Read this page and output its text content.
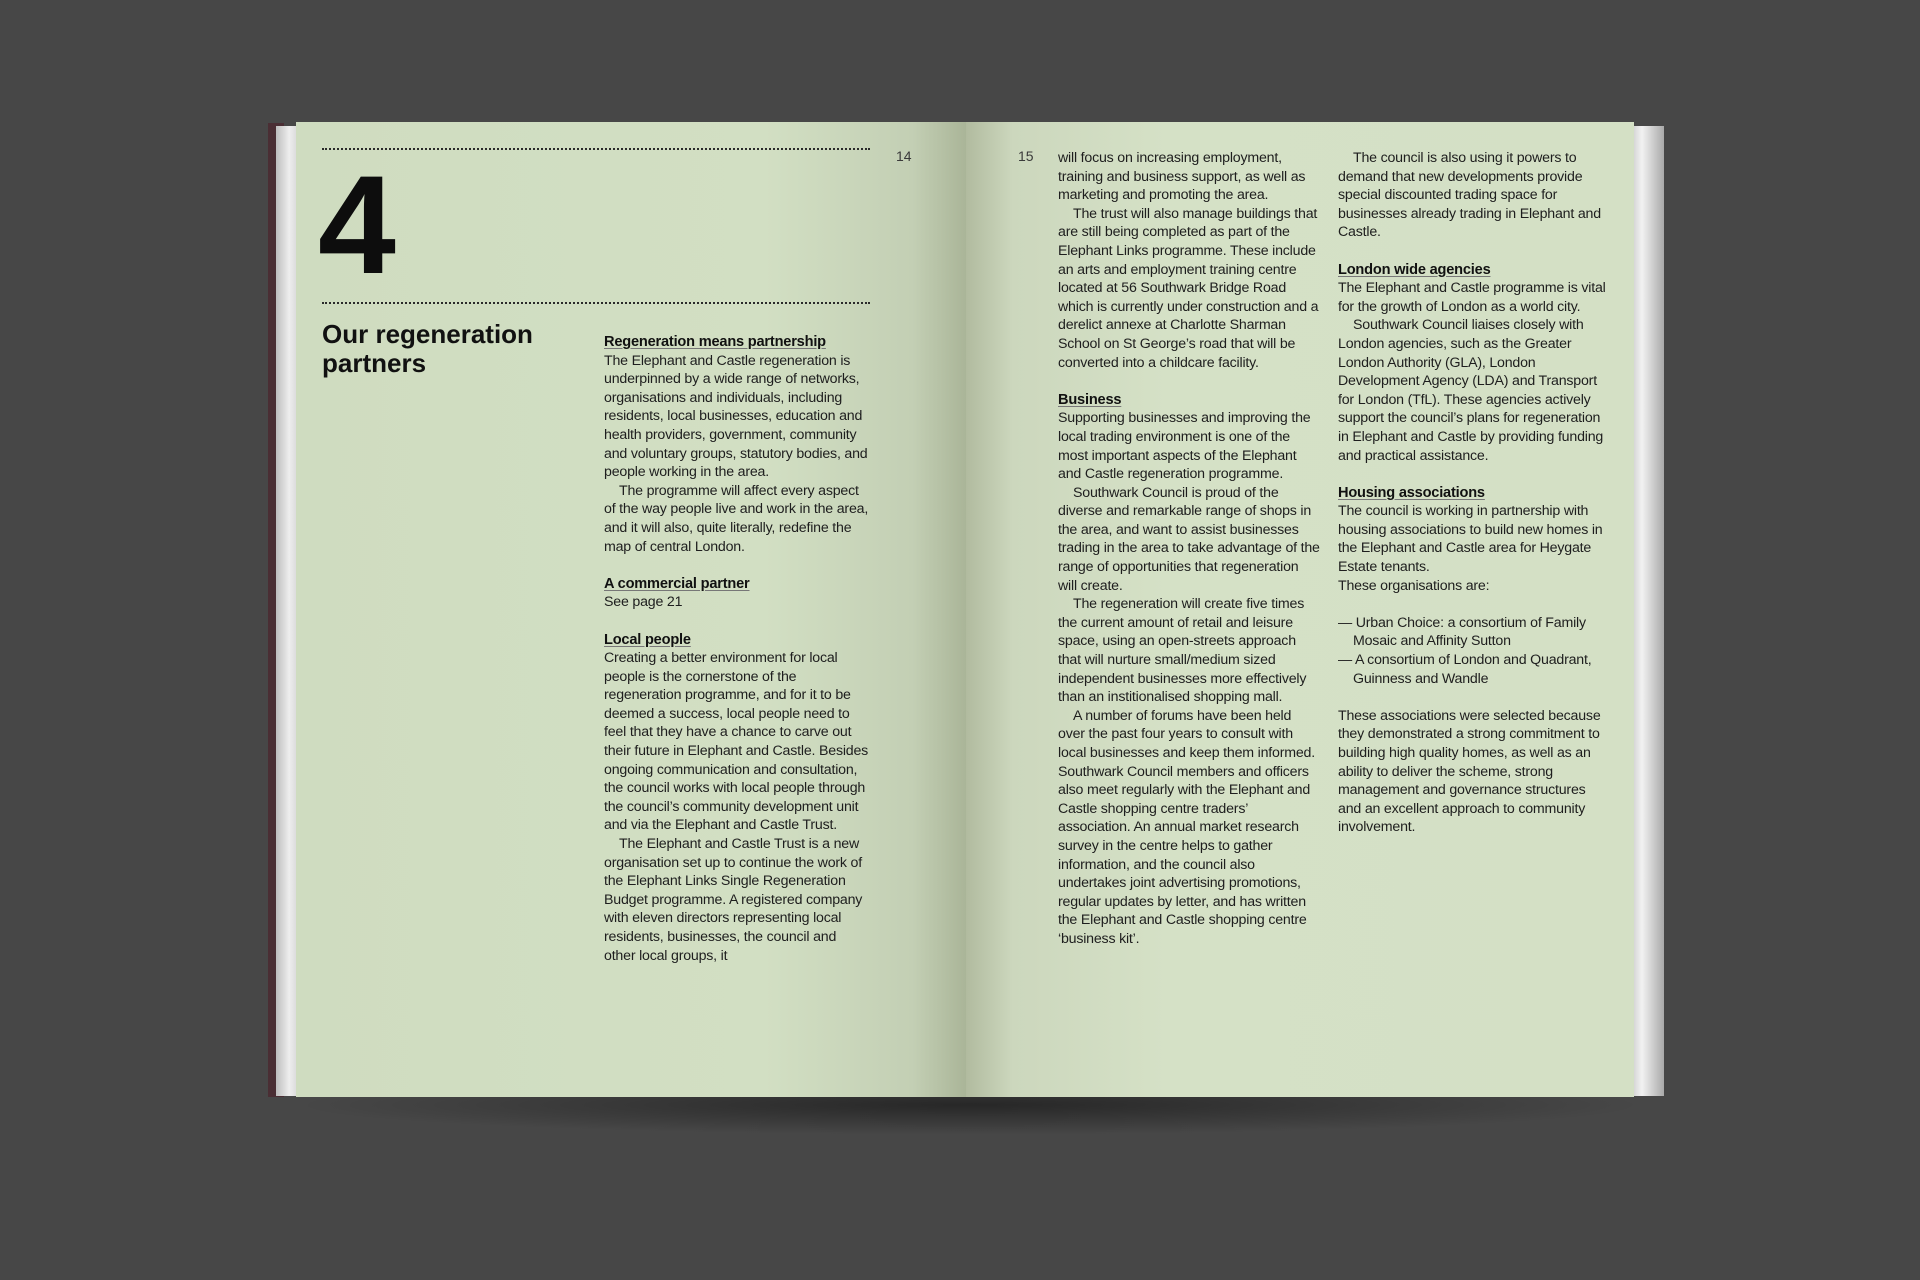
14
4
Our regeneration partners
Regeneration means partnership

The Elephant and Castle regeneration is underpinned by a wide range of networks, organisations and individuals, including residents, local businesses, education and health providers, government, community and voluntary groups, statutory bodies, and people working in the area.

The programme will affect every aspect of the way people live and work in the area, and it will also, quite literally, redefine the map of central London.

A commercial partner

See page 21

Local people

Creating a better environment for local people is the cornerstone of the regeneration programme, and for it to be deemed a success, local people need to feel that they have a chance to carve out their future in Elephant and Castle. Besides ongoing communication and consultation, the council works with local people through the council’s community development unit and via the Elephant and Castle Trust.

The Elephant and Castle Trust is a new organisation set up to continue the work of the Elephant Links Single Regeneration Budget programme. A registered company with eleven directors representing local residents, businesses, the council and other local groups, it

15 will focus on increasing employment, training and business support, as well as marketing and promoting the area.

The trust will also manage buildings that are still being completed as part of the Elephant Links programme. These include an arts and employment training centre located at 56 Southwark Bridge Road which is currently under construction and a derelict annexe at Charlotte Sharman School on St George’s road that will be converted into a childcare facility.

Business

Supporting businesses and improving the local trading environment is one of the most important aspects of the Elephant and Castle regeneration programme.

Southwark Council is proud of the diverse and remarkable range of shops in the area, and want to assist businesses trading in the area to take advantage of the range of opportunities that regeneration will create.

The regeneration will create five times the current amount of retail and leisure space, using an open-streets approach that will nurture small/medium sized independent businesses more effectively than an institionalised shopping mall.

A number of forums have been held over the past four years to consult with local businesses and keep them informed. Southwark Council members and officers also meet regularly with the Elephant and Castle shopping centre traders’ association. An annual market research survey in the centre helps to gather information, and the council also undertakes joint advertising promotions, regular updates by letter, and has written the Elephant and Castle shopping centre ‘business kit’.

The council is also using it powers to demand that new developments provide special discounted trading space for businesses already trading in Elephant and Castle.

London wide agencies

The Elephant and Castle programme is vital for the growth of London as a world city.

Southwark Council liaises closely with London agencies, such as the Greater London Authority (GLA), London Development Agency (LDA) and Transport for London (TfL). These agencies actively support the council’s plans for regeneration in Elephant and Castle by providing funding and practical assistance.

Housing associations

The council is working in partnership with housing associations to build new homes in the Elephant and Castle area for Heygate Estate tenants.

These organisations are:

— Urban Choice: a consortium of Family Mosaic and Affinity Sutton
— A consortium of London and Quadrant, Guinness and Wandle

These associations were selected because they demonstrated a strong commitment to building high quality homes, as well as an ability to deliver the scheme, strong management and governance structures and an excellent approach to community involvement.
